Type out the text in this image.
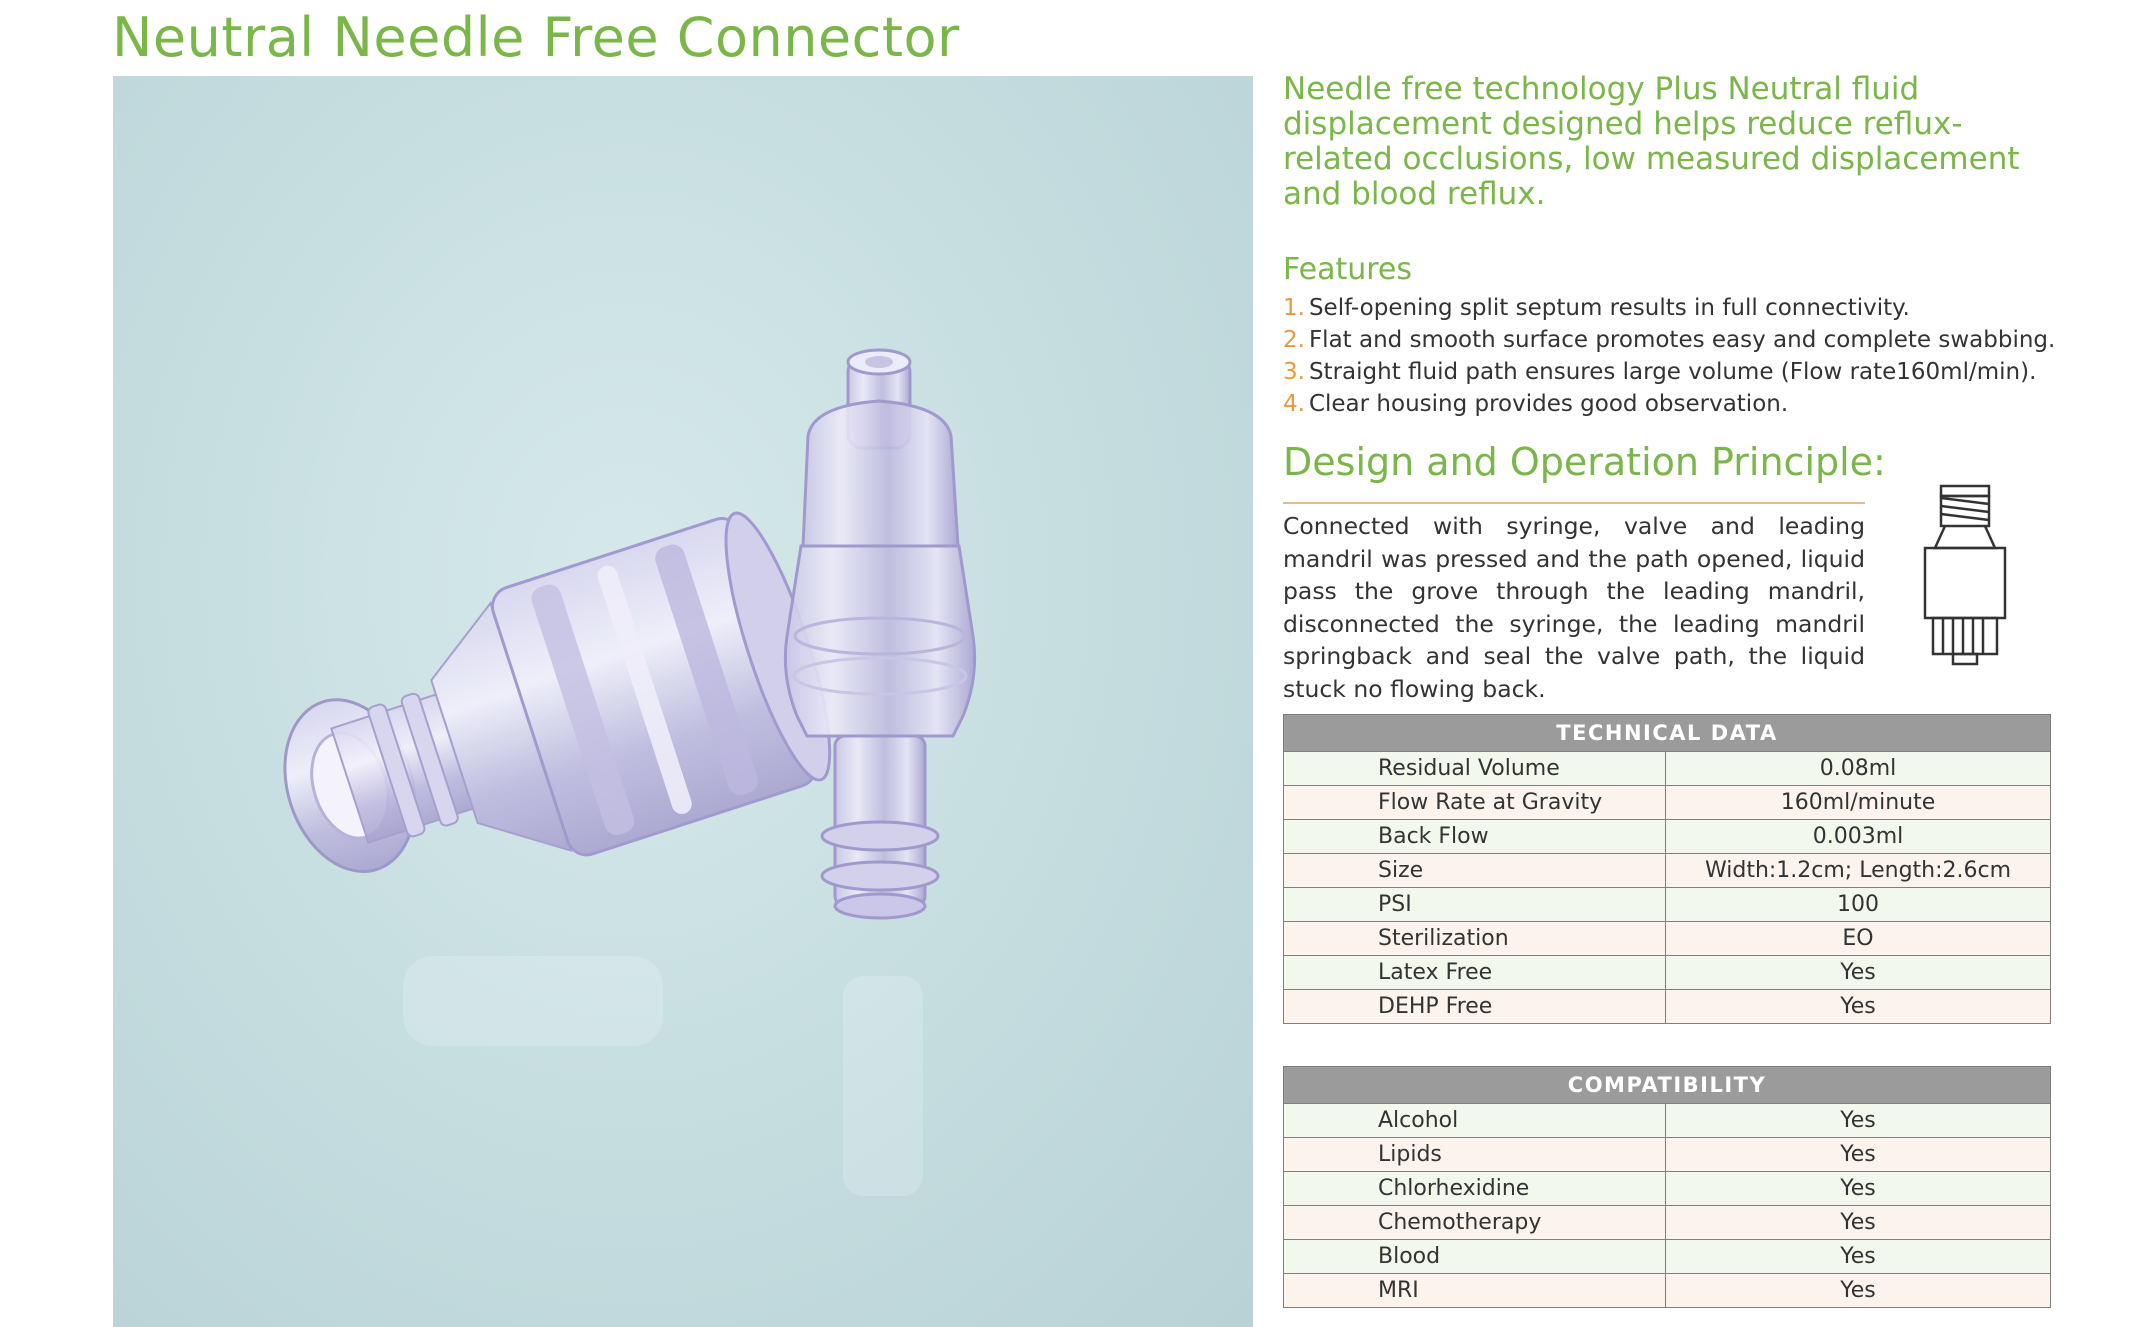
Neutral Needle Free Connector

Needle free technology Plus Neutral fluid displacement designed helps reduce reflux-related occlusions, low measured displacement and blood reflux.

Features
1. Self-opening split septum results in full connectivity.
2. Flat and smooth surface promotes easy and complete swabbing.
3. Straight fluid path ensures large volume (Flow rate160ml/min).
4. Clear housing provides good observation.
Design and Operation Principle:

Connected with syringe, valve and leading mandril was pressed and the path opened, liquid pass the grove through the leading mandril, disconnected the syringe, the leading mandril springback and seal the valve path, the liquid stuck no flowing back.

TECHNICAL DATA	
Residual Volume	0.08ml
Flow Rate at Gravity	160ml/minute
Back Flow	0.003ml
Size	Width:1.2cm; Length:2.6cm
PSI	100
Sterilization	EO
Latex Free	Yes
DEHP Free	Yes
COMPATIBILITY	
Alcohol	Yes
Lipids	Yes
Chlorhexidine	Yes
Chemotherapy	Yes
Blood	Yes
MRI	Yes
